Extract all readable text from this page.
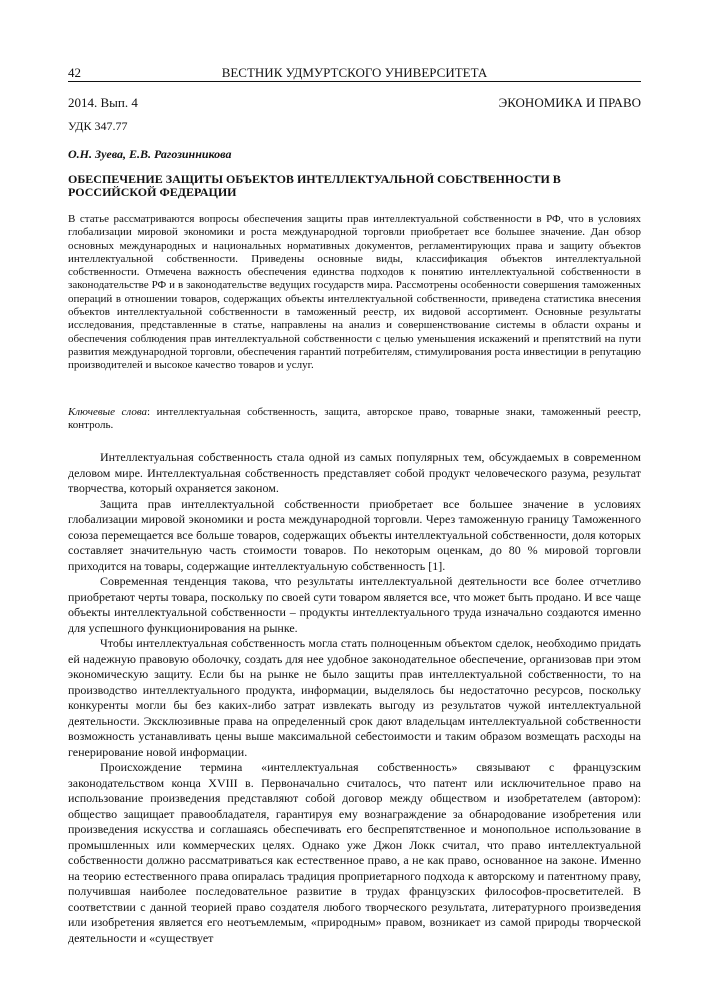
42	ВЕСТНИК УДМУРТСКОГО УНИВЕРСИТЕТА
2014. Вып. 4	ЭКОНОМИКА И ПРАВО
УДК 347.77
О.Н. Зуева, Е.В. Рагозинникова
ОБЕСПЕЧЕНИЕ ЗАЩИТЫ ОБЪЕКТОВ ИНТЕЛЛЕКТУАЛЬНОЙ СОБСТВЕННОСТИ В РОССИЙСКОЙ ФЕДЕРАЦИИ
В статье рассматриваются вопросы обеспечения защиты прав интеллектуальной собственности в РФ, что в условиях глобализации мировой экономики и роста международной торговли приобретает все большее значение. Дан обзор основных международных и национальных нормативных документов, регламентирующих права и защиту объектов интеллектуальной собственности. Приведены основные виды, классификация объектов интеллектуальной собственности. Отмечена важность обеспечения единства подходов к понятию интеллектуальной собственности в законодательстве РФ и в законодательстве ведущих государств мира. Рассмотрены особенности совершения таможенных операций в отношении товаров, содержащих объекты интеллектуальной собственности, приведена статистика внесения объектов интеллектуальной собственности в таможенный реестр, их видовой ассортимент. Основные результаты исследования, представленные в статье, направлены на анализ и совершенствование системы в области охраны и обеспечения соблюдения прав интеллектуальной собственности с целью уменьшения искажений и препятствий на пути развития международной торговли, обеспечения гарантий потребителям, стимулирования роста инвестиции в репутацию производителей и высокое качество товаров и услуг.
Ключевые слова: интеллектуальная собственность, защита, авторское право, товарные знаки, таможенный реестр, контроль.

Интеллектуальная собственность стала одной из самых популярных тем, обсуждаемых в современном деловом мире. Интеллектуальная собственность представляет собой продукт человеческого разума, результат творчества, который охраняется законом.

Защита прав интеллектуальной собственности приобретает все большее значение в условиях глобализации мировой экономики и роста международной торговли. Через таможенную границу Таможенного союза перемещается все больше товаров, содержащих объекты интеллектуальной собственности, доля которых составляет значительную часть стоимости товаров. По некоторым оценкам, до 80 % мировой торговли приходится на товары, содержащие интеллектуальную собственность [1].

Современная тенденция такова, что результаты интеллектуальной деятельности все более отчетливо приобретают черты товара, поскольку по своей сути товаром является все, что может быть продано. И все чаще объекты интеллектуальной собственности – продукты интеллектуального труда изначально создаются именно для успешного функционирования на рынке.

Чтобы интеллектуальная собственность могла стать полноценным объектом сделок, необходимо придать ей надежную правовую оболочку, создать для нее удобное законодательное обеспечение, организовав при этом экономическую защиту. Если бы на рынке не было защиты прав интеллектуальной собственности, то на производство интеллектуального продукта, информации, выделялось бы недостаточно ресурсов, поскольку конкуренты могли бы без каких-либо затрат извлекать выгоду из результатов чужой интеллектуальной деятельности. Эксклюзивные права на определенный срок дают владельцам интеллектуальной собственности возможность устанавливать цены выше максимальной себестоимости и таким образом возмещать расходы на генерирование новой информации.

Происхождение термина «интеллектуальная собственность» связывают с французским законодательством конца XVIII в. Первоначально считалось, что патент или исключительное право на использование произведения представляют собой договор между обществом и изобретателем (автором): общество защищает правообладателя, гарантируя ему вознаграждение за обнародование изобретения или произведения искусства и соглашаясь обеспечивать его беспрепятственное и монопольное использование в промышленных или коммерческих целях. Однако уже Джон Локк считал, что право интеллектуальной собственности должно рассматриваться как естественное право, а не как право, основанное на законе. Именно на теорию естественного права опиралась традиция проприетарного подхода к авторскому и патентному праву, получившая наиболее последовательное развитие в трудах французских философов-просветителей. В соответствии с данной теорией право создателя любого творческого результата, литературного произведения или изобретения является его неотъемлемым, «природным» правом, возникает из самой природы творческой деятельности и «существует
